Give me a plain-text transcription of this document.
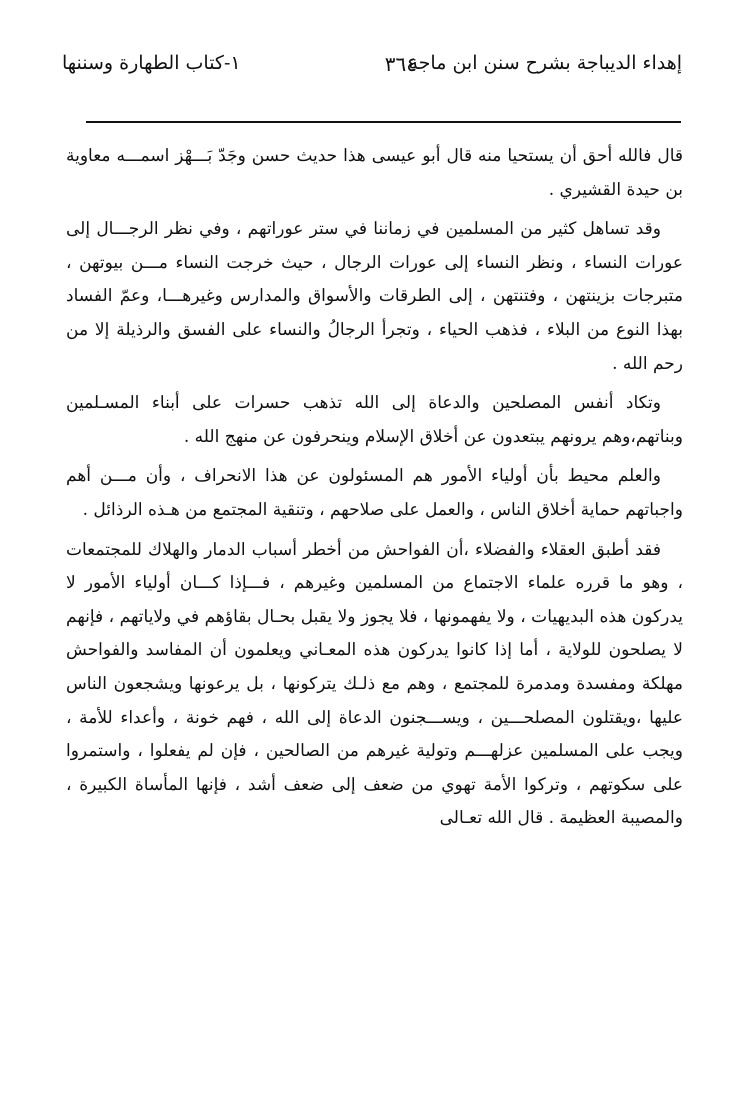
إهداء الديباجة بشرح سنن ابن ماجة
٣٦٤
١-كتاب الطهارة وسننها

قال فالله أحق أن يستحيا منه قال أبو عيسى هذا حديث حسن وجَدّ بَـــهْز اسمـــه معاوية بن حيدة القشيري .

وقد تساهل كثير من المسلمين في زماننا في ستر عوراتهم ، وفي نظر الرجـــال إلى عورات النساء ، ونظر النساء إلى عورات الرجال ، حيث خرجت النساء مـــن بيوتهن ، متبرجات بزينتهن ، وفتنتهن ، إلى الطرقات والأسواق والمدارس وغيرهـــا، وعمّ الفساد بهذا النوع من البلاء ، فذهب الحياء ، وتجرأ الرجالُ والنساء على الفسق والرذيلة إلا من رحم الله .

وتكاد أنفس المصلحين والدعاة إلى الله تذهب حسرات على أبناء المسـلمين وبناتهم،وهم يرونهم يبتعدون عن أخلاق الإسلام وينحرفون عن منهج الله .

والعلم محيط بأن أولياء الأمور هم المسئولون عن هذا الانحراف ، وأن مـــن أهم واجباتهم حماية أخلاق الناس ، والعمل على صلاحهم ، وتنقية المجتمع من هـذه الرذائل .

فقد أطبق العقلاء والفضلاء ،أن الفواحش من أخطر أسباب الدمار والهلاك للمجتمعات ، وهو ما قرره علماء الاجتماع من المسلمين وغيرهم ، فـــإذا كـــان أولياء الأمور لا يدركون هذه البديهيات ، ولا يفهمونها ، فلا يجوز ولا يقبل بحـال بقاؤهم في ولاياتهم ، فإنهم لا يصلحون للولاية ، أما إذا كانوا يدركون هذه المعـاني ويعلمون أن المفاسد والفواحش مهلكة ومفسدة ومدمرة للمجتمع ، وهم مع ذلـك يتركونها ، بل يرعونها ويشجعون الناس عليها ،ويقتلون المصلحـــين ، ويســـجنون الدعاة إلى الله ، فهم خونة ، وأعداء للأمة ، ويجب على المسلمين عزلهـــم وتولية غيرهم من الصالحين ، فإن لم يفعلوا ، واستمروا على سكوتهم ، وتركوا الأمة تهوي من ضعف إلى ضعف أشد ، فإنها المأساة الكبيرة ، والمصيبة العظيمة . قال الله تعـالى
